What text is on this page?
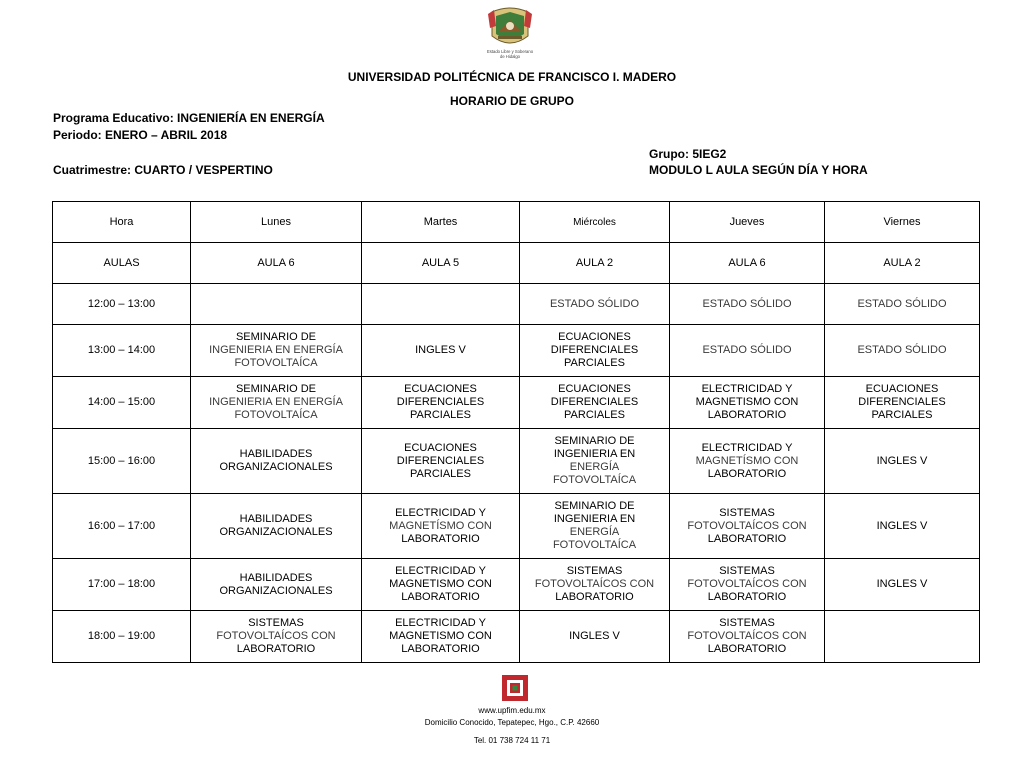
Estado Libre y Soberano
de Hidalgo
UNIVERSIDAD POLITÉCNICA DE FRANCISCO I. MADERO
HORARIO DE GRUPO
Programa Educativo: INGENIERÍA EN ENERGÍA
Periodo: ENERO – ABRIL 2018
Cuatrimestre: CUARTO / VESPERTINO
Grupo: 5IEG2
MODULO L AULA SEGÚN DÍA Y HORA
Hora	Lunes	Martes	Miércoles	Jueves	Viernes
AULAS	AULA 6	AULA 5	AULA 2	AULA 6	AULA 2
12:00 – 13:00			ESTADO SÓLIDO	ESTADO SÓLIDO	ESTADO SÓLIDO

13:00 – 14:00	SEMINARIO DE
INGENIERIA EN ENERGÍA
FOTOVOLTAÍCA	INGLES V	ECUACIONES
DIFERENCIALES
PARCIALES	ESTADO SÓLIDO	ESTADO SÓLIDO

14:00 – 15:00	SEMINARIO DE
INGENIERIA EN ENERGÍA
FOTOVOLTAÍCA	ECUACIONES
DIFERENCIALES
PARCIALES	ECUACIONES
DIFERENCIALES
PARCIALES	ELECTRICIDAD Y
MAGNETISMO CON
LABORATORIO	ECUACIONES
DIFERENCIALES
PARCIALES

15:00 – 16:00	HABILIDADES
ORGANIZACIONALES	ECUACIONES
DIFERENCIALES
PARCIALES	SEMINARIO DE
INGENIERIA EN
ENERGÍA
FOTOVOLTAÍCA	ELECTRICIDAD Y
MAGNETÍSMO CON
LABORATORIO	INGLES V

16:00 – 17:00	HABILIDADES
ORGANIZACIONALES	ELECTRICIDAD Y
MAGNETÍSMO CON
LABORATORIO	SEMINARIO DE
INGENIERIA EN
ENERGÍA
FOTOVOLTAÍCA	SISTEMAS
FOTOVOLTAÍCOS CON
LABORATORIO	INGLES V

17:00 – 18:00	HABILIDADES
ORGANIZACIONALES	ELECTRICIDAD Y
MAGNETISMO CON
LABORATORIO	SISTEMAS
FOTOVOLTAÍCOS CON
LABORATORIO	SISTEMAS
FOTOVOLTAÍCOS CON
LABORATORIO	INGLES V

18:00 – 19:00	SISTEMAS
FOTOVOLTAÍCOS CON
LABORATORIO	ELECTRICIDAD Y
MAGNETISMO CON
LABORATORIO	INGLES V	SISTEMAS
FOTOVOLTAÍCOS CON
LABORATORIO	

www.upfim.edu.mx
Domicilio Conocido, Tepatepec, Hgo., C.P. 42660
Tel. 01 738 724 11 71
